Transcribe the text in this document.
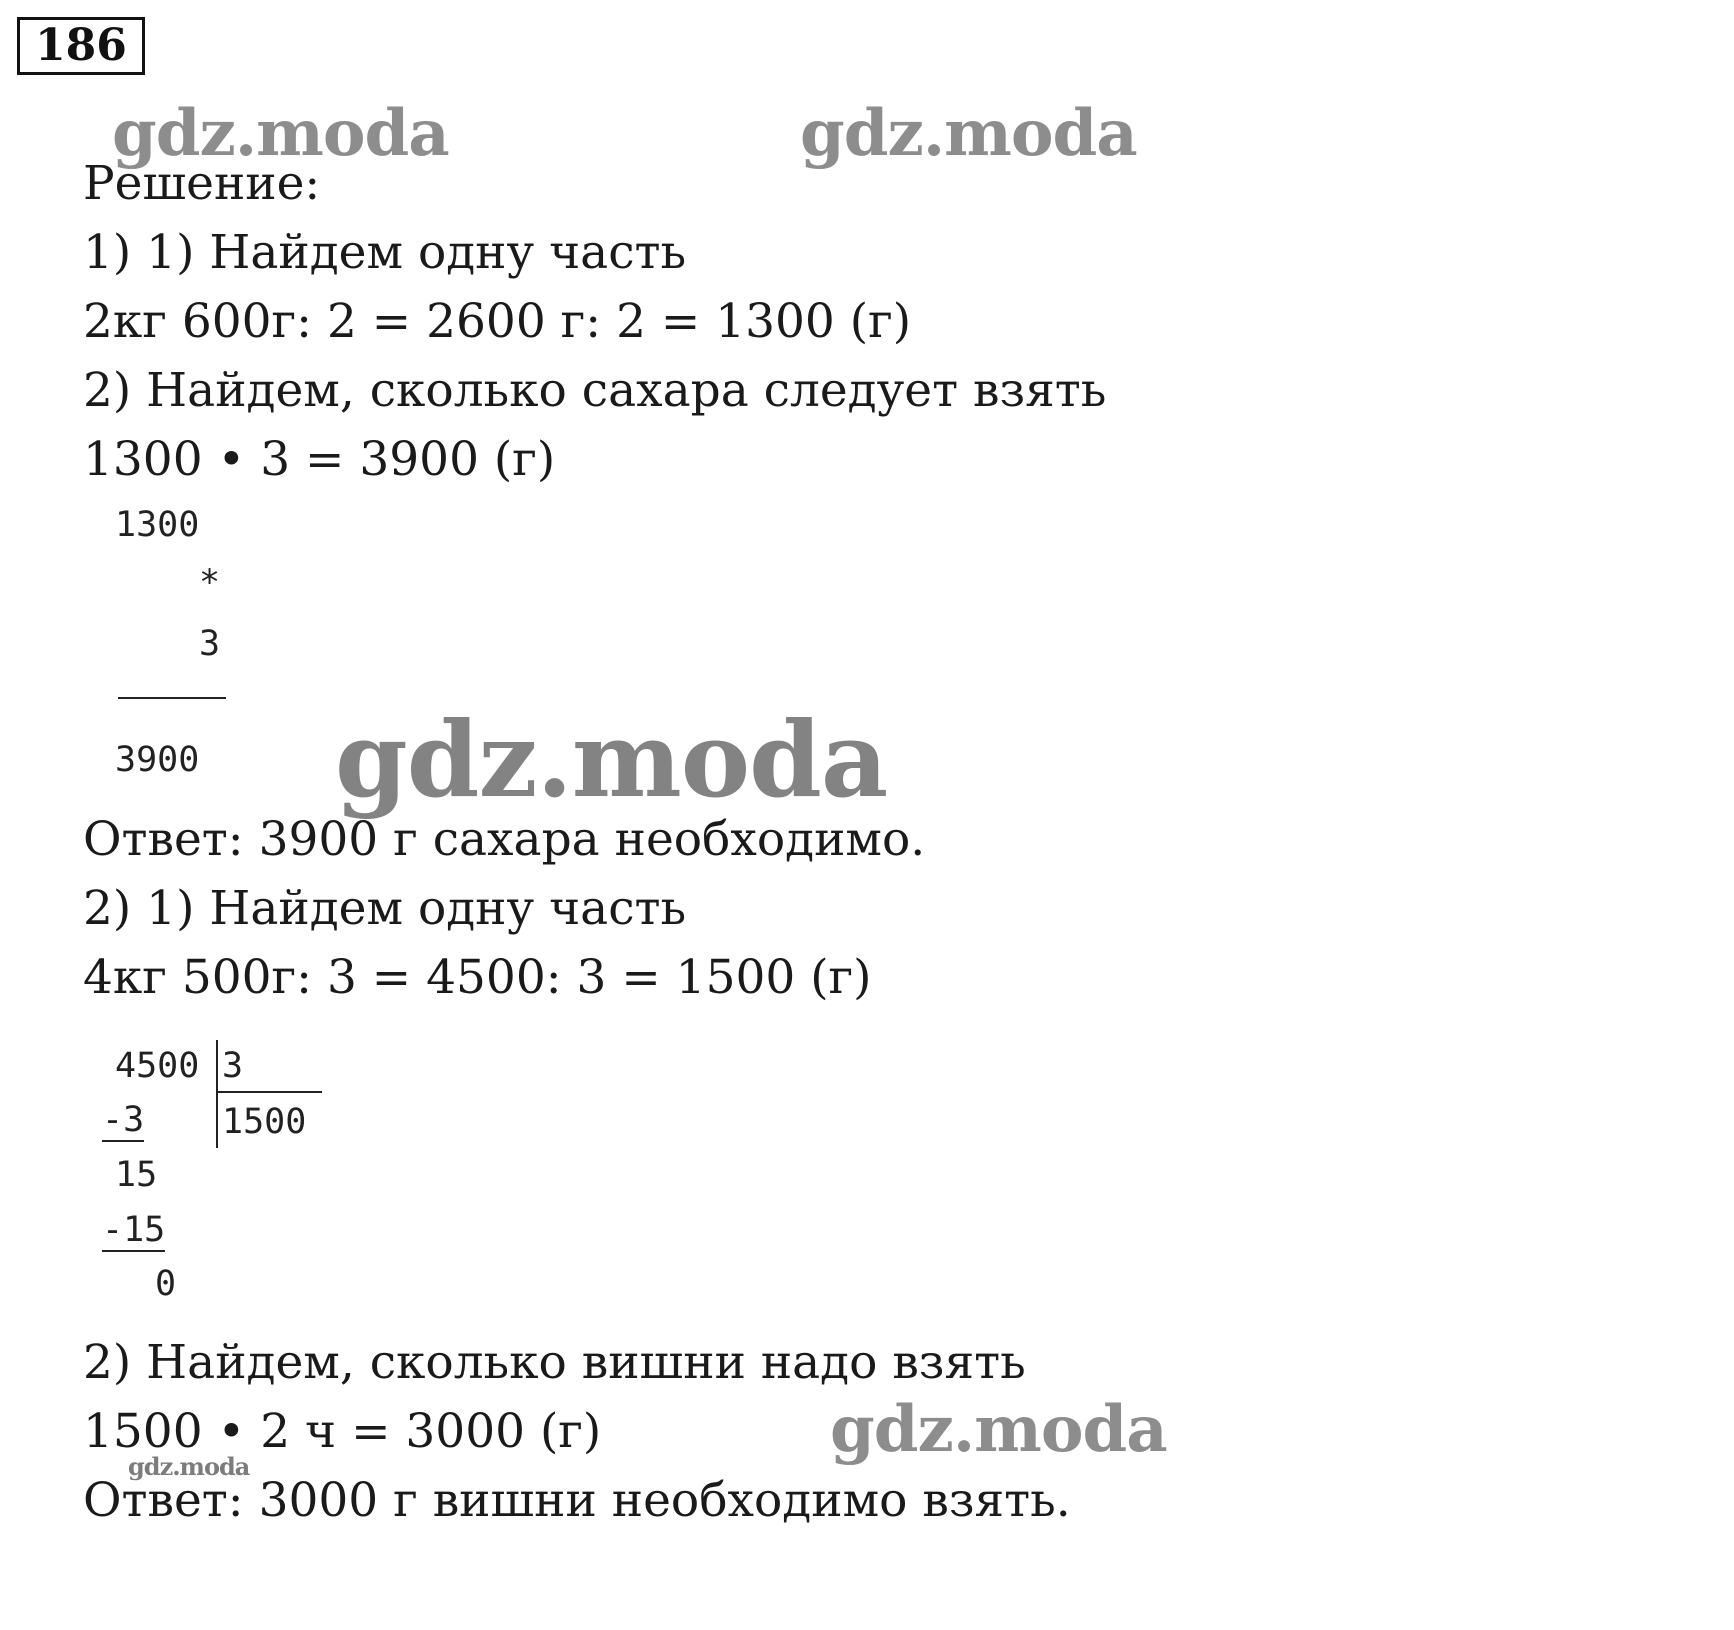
186
gdz.moda	gdz.moda
Решение:
1) 1) Найдем одну часть
2кг 600г: 2 = 2600 г: 2 = 1300 (г)
2) Найдем, сколько сахара следует взять
1300 • 3 = 3900 (г)
1300
*
3
3900 gdz.moda
Ответ: 3900 г сахара необходимо.
2) 1) Найдем одну часть
4кг 500г: 3 = 4500: 3 = 1500 (г)
4500 3
1500
-3
15
-15
0
2) Найдем, сколько вишни надо взять
1500 • 2 ч = 3000 (г)	gdz.moda
gdz.moda
Ответ: 3000 г вишни необходимо взять.
